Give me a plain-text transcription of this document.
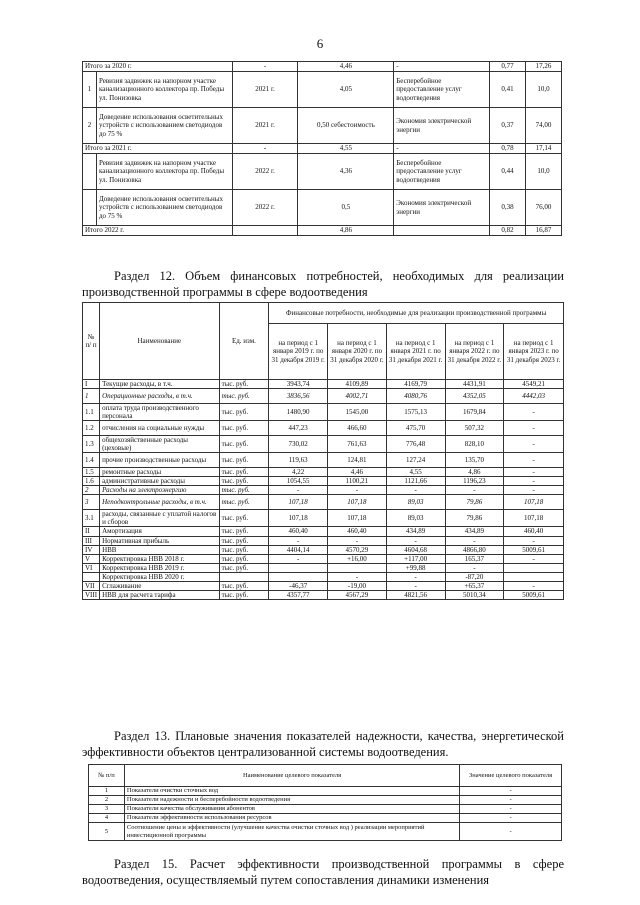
6
Итого за 2020 г.		-	4,46	-	0,77	17,26
1	Ревизия задвижек на напорном участке канализационного коллектора пр. Победы ул. Понизовка	2021 г.	4,05	Бесперебойное предоставление услуг водоотведения	0,41	10,0
2	Доведение использования осветительных устройств с использованием светодиодов до 75 %	2021 г.	0,50 себестоимость	Экономия электрической энергии	0,37	74,00
Итого за 2021 г.		-	4,55	-	0,78	17,14
	Ревизия задвижек на напорном участке канализационного коллектора пр. Победы ул. Понизовка	2022 г.	4,36	Бесперебойное предоставление услуг водоотведения	0,44	10,0
	Доведение использования осветительных устройств с использованием светодиодов до 75 %	2022 г.	0,5	Экономия электрической энергии	0,38	76,00
Итого 2022 г.			4,86		0,82	16,87
Раздел 12. Объем финансовых потребностей, необходимых для реализации производственной программы в сфере водоотведения
№ п/ п	Наименование	Ед. изм.	Финансовые потребности, необходимые для реализации производственной программы				
			на период с 1 января 2019 г. по 31 декабря 2019 г.	на период с 1 января 2020 г. по 31 декабря 2020 г.	на период с 1 января 2021 г. по 31 декабря 2021 г.	на период с 1 января 2022 г. по 31 декабря 2022 г.	на период с 1 января 2023 г. по 31 декабря 2023 г.
I	Текущие расходы, в т.ч.	тыс. руб.	3943,74	4109,89	4169,79	4431,91	4549,21
1	Операционные расходы, в т.ч.	тыс. руб.	3836,56	4002,71	4080,76	4352,05	4442,03
1.1	оплата труда производственного персонала	тыс. руб.	1480,90	1545,00	1575,13	1679,84	-
1.2	отчисления на социальные нужды	тыс. руб.	447,23	466,60	475,70	507,32	-
1.3	общехозяйственные расходы (цеховые)	тыс. руб.	730,02	761,63	776,48	828,10	-
1.4	прочие производственные расходы	тыс. руб.	119,63	124,81	127,24	135,70	-
1.5	ремонтные расходы	тыс. руб.	4,22	4,46	4,55	4,86	-
1.6	административные расходы	тыс. руб.	1054,55	1100,21	1121,66	1196,23	-
2	Расходы на электроэнергию	тыс. руб.	-	-	-	-	-
3	Неподконтрольные расходы, в т.ч.	тыс. руб.	107,18	107,18	89,03	79,86	107,18
3.1	расходы, связанные с уплатой налогов и сборов	тыс. руб.	107,18	107,18	89,03	79,86	107,18
II	Амортизация	тыс. руб.	460,40	460,40	434,89	434,89	460,40
III	Нормативная прибыль	тыс. руб.	-	-	-	-	-
IV	НВВ	тыс. руб.	4404,14	4570,29	4604,68	4866,80	5009,61
V	Корректировка НВВ 2018 г.	тыс. руб.	-	+16,00	+117,00	165,37	-
VI	Корректировка НВВ 2019 г.	тыс. руб.			+99,88	-	
	Корректировка НВВ 2020 г.			-	-	-87,20	
VII	Сглаживание	тыс. руб.	-46,37	-19,00	-	+65,37	-
VIII	НВВ для расчета тарифа	тыс. руб.	4357,77	4567,29	4821,56	5010,34	5009,61
Раздел 13. Плановые значения показателей надежности, качества, энергетической эффективности объектов централизованной системы водоотведения.
№ п/п	Наименование целевого показателя	Значение целевого показателя
1	Показатели очистки сточных вод	-
2	Показатели надежности и бесперебойности водоотведения	-
3	Показатели качества обслуживания абонентов	-
4	Показатели эффективности использования ресурсов	-
5	Соотношение цены и эффективности (улучшение качества очистки сточных вод ) реализации мероприятий инвестиционной программы	-
Раздел 15. Расчет эффективности производственной программы в сфере водоотведения, осуществляемый путем сопоставления динамики изменения
